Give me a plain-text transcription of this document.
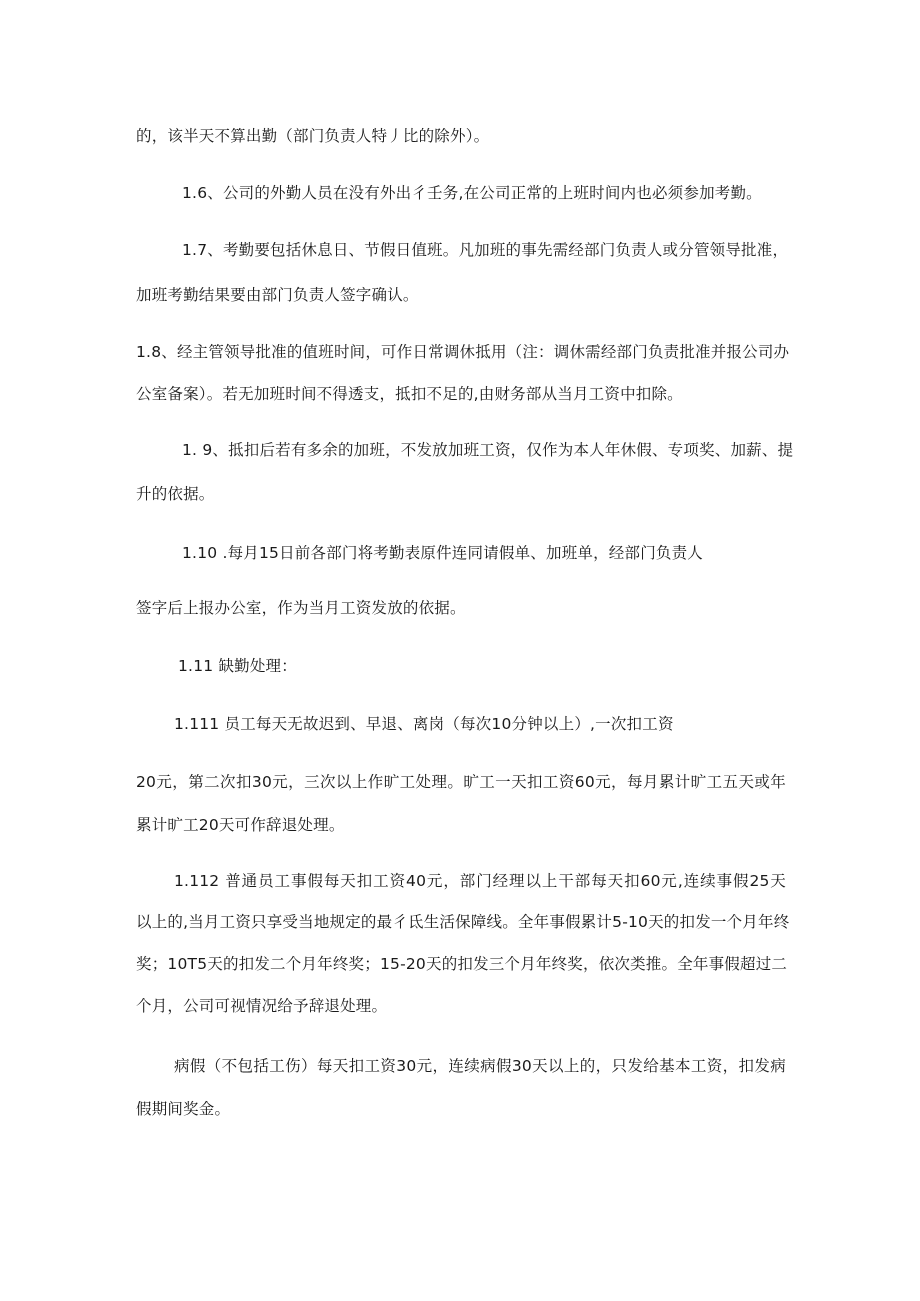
的，该半天不算出勤（部门负责人特丿比的除外）。
1.6、公司的外勤人员在没有外出彳壬务,在公司正常的上班时间内也必须参加考勤。
1.7、考勤要包括休息日、节假日值班。凡加班的事先需经部门负责人或分管领导批准，
加班考勤结果要由部门负责人签字确认。
1.8、经主管领导批准的值班时间，可作日常调休抵用（注：调休需经部门负责批准并报公司办
公室备案）。若无加班时间不得透支，抵扣不足的,由财务部从当月工资中扣除。
1. 9、抵扣后若有多余的加班，不发放加班工资，仅作为本人年休假、专项奖、加薪、提
升的依据。
1.10 .每月15日前各部门将考勤表原件连同请假单、加班单，经部门负责人
签字后上报办公室，作为当月工资发放的依据。
1.11 缺勤处理：
1.111 员工每天无故迟到、早退、离岗（每次10分钟以上）,一次扣工资
20元，第二次扣30元，三次以上作旷工处理。旷工一天扣工资60元，每月累计旷工五天或年
累计旷工20天可作辞退处理。
1.112 普通员工事假每天扣工资40元，部门经理以上干部每天扣60元,连续事假25天
以上的,当月工资只享受当地规定的最彳氐生活保障线。全年事假累计5-10天的扣发一个月年终
奖；10T5天的扣发二个月年终奖；15-20天的扣发三个月年终奖，依次类推。全年事假超过二
个月，公司可视情况给予辞退处理。
病假（不包括工伤）每天扣工资30元，连续病假30天以上的，只发给基本工资，扣发病
假期间奖金。
